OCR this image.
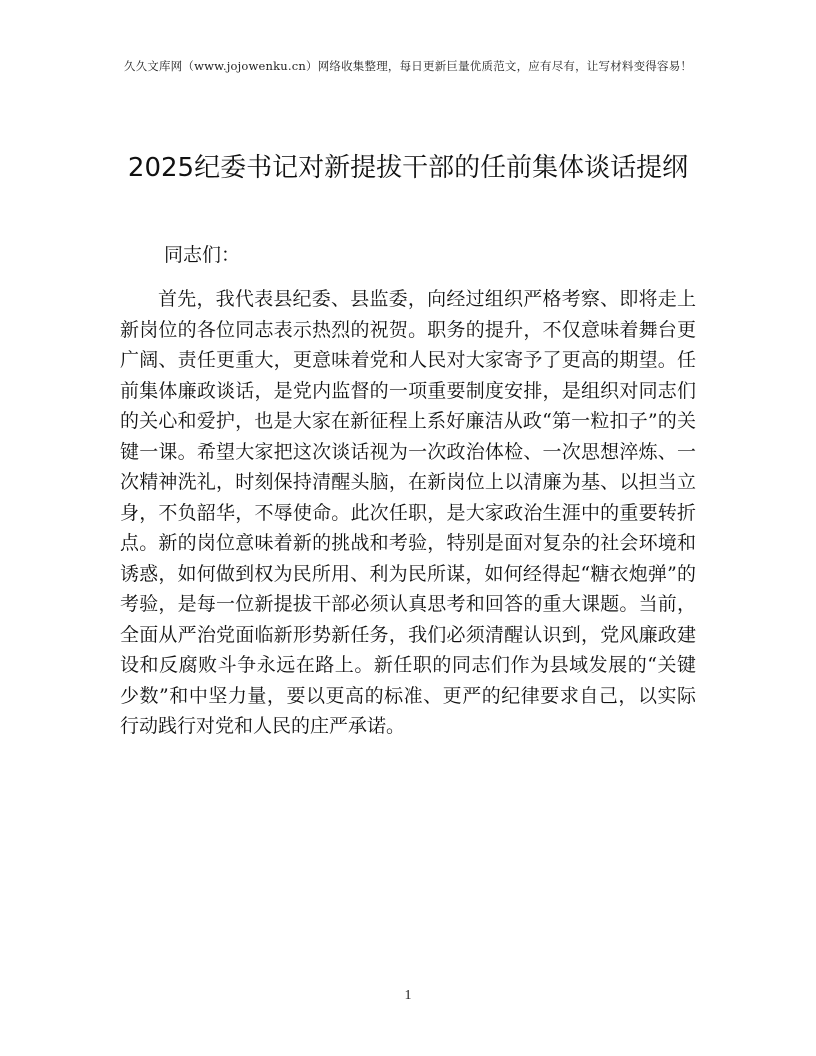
久久文库网（www.jojowenku.cn）网络收集整理，每日更新巨量优质范文，应有尽有，让写材料变得容易！
2025纪委书记对新提拔干部的任前集体谈话提纲

同志们：

首先，我代表县纪委、县监委，向经过组织严格考察、即将走上新岗位的各位同志表示热烈的祝贺。职务的提升，不仅意味着舞台更广阔、责任更重大，更意味着党和人民对大家寄予了更高的期望。任前集体廉政谈话，是党内监督的一项重要制度安排，是组织对同志们的关心和爱护，也是大家在新征程上系好廉洁从政“第一粒扣子”的关键一课。希望大家把这次谈话视为一次政治体检、一次思想淬炼、一次精神洗礼，时刻保持清醒头脑，在新岗位上以清廉为基、以担当立身，不负韶华，不辱使命。此次任职，是大家政治生涯中的重要转折点。新的岗位意味着新的挑战和考验，特别是面对复杂的社会环境和诱惑，如何做到权为民所用、利为民所谋，如何经得起“糖衣炮弹”的考验，是每一位新提拔干部必须认真思考和回答的重大课题。当前，全面从严治党面临新形势新任务，我们必须清醒认识到，党风廉政建设和反腐败斗争永远在路上。新任职的同志们作为县域发展的“关键少数”和中坚力量，要以更高的标准、更严的纪律要求自己，以实际行动践行对党和人民的庄严承诺。

1
